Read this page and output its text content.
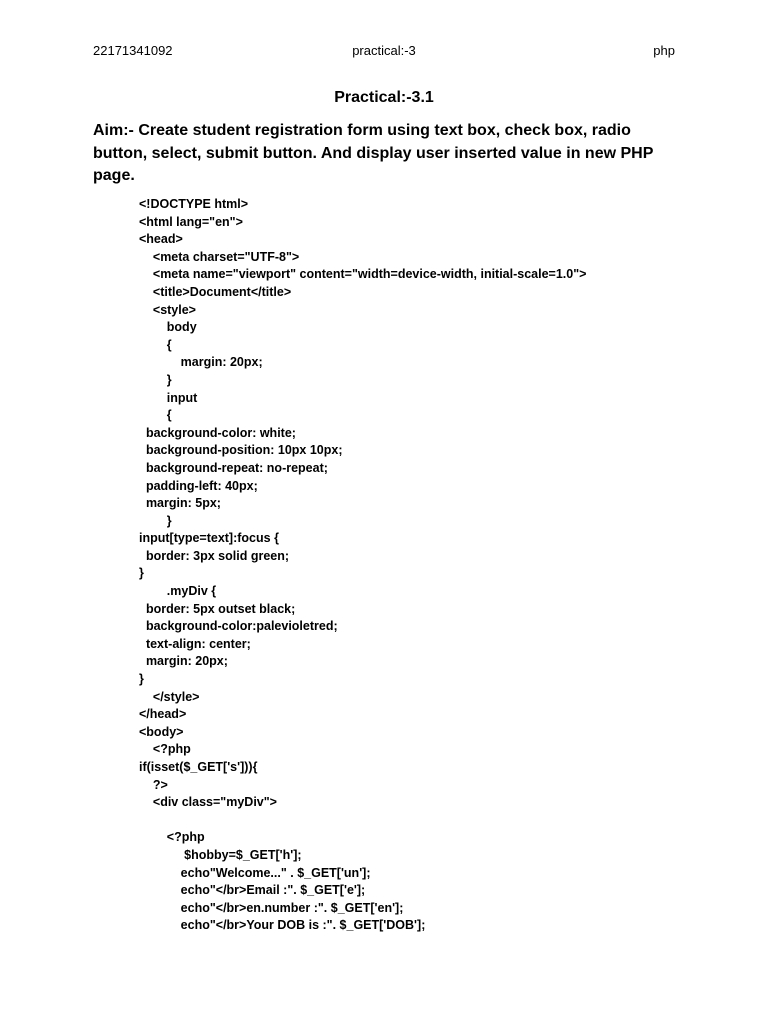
22171341092	practical:-3	php
Practical:-3.1
Aim:- Create student registration form using text box, check box, radio button, select, submit button. And display user inserted value in new PHP page.
<!DOCTYPE html>
<html lang="en">
<head>
<meta charset="UTF-8">
<meta name="viewport" content="width=device-width, initial-scale=1.0">
<title>Document</title>
<style>
body
{
margin: 20px;
}
input
{
background-color: white;
background-position: 10px 10px;
background-repeat: no-repeat;
padding-left: 40px;
margin: 5px;
}
input[type=text]:focus {
border: 3px solid green;
}
.myDiv {
border: 5px outset black;
background-color:palevioletred;
text-align: center;
margin: 20px;
}
</style>
</head>
<body>
<?php
if(isset($_GET['s'])){
?>
<div class="myDiv">
<?php
$hobby=$_GET['h'];
echo"Welcome..." . $_GET['un'];
echo"</br>Email :". $_GET['e'];
echo"</br>en.number :". $_GET['en'];
echo"</br>Your DOB is :". $_GET['DOB'];
